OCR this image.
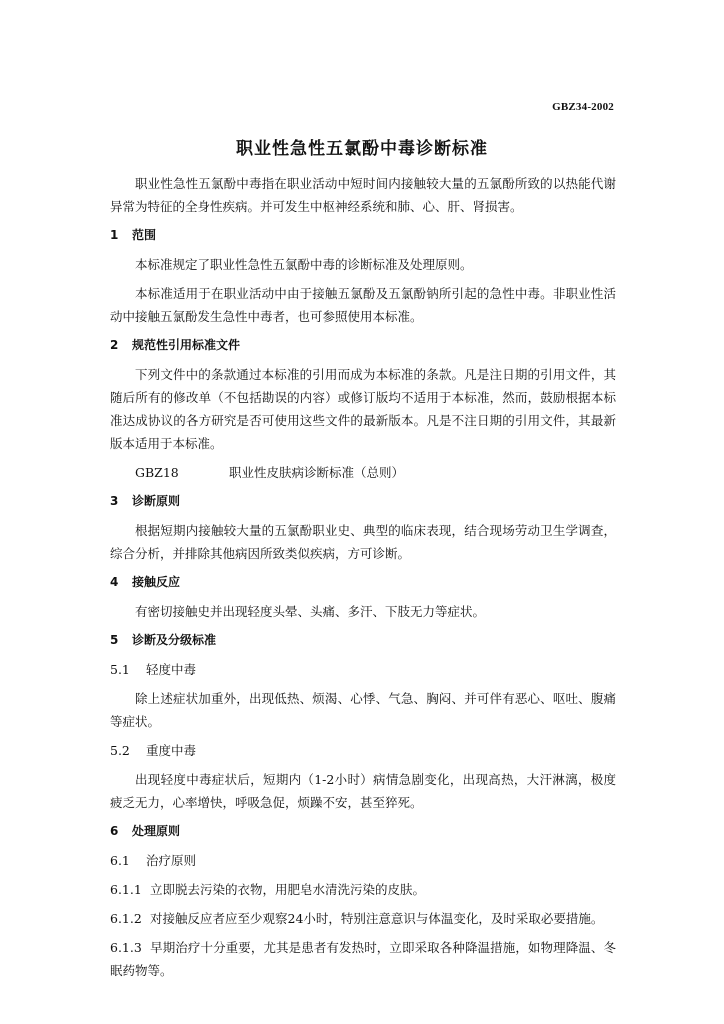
GBZ34-2002
职业性急性五氯酚中毒诊断标准

职业性急性五氯酚中毒指在职业活动中短时间内接触较大量的五氯酚所致的以热能代谢异常为特征的全身性疾病。并可发生中枢神经系统和肺、心、肝、肾损害。

1 范围

本标准规定了职业性急性五氯酚中毒的诊断标准及处理原则。

本标准适用于在职业活动中由于接触五氯酚及五氯酚钠所引起的急性中毒。非职业性活动中接触五氯酚发生急性中毒者，也可参照使用本标准。

2 规范性引用标准文件

下列文件中的条款通过本标准的引用而成为本标准的条款。凡是注日期的引用文件，其随后所有的修改单（不包括勘误的内容）或修订版均不适用于本标准，然而，鼓励根据本标准达成协议的各方研究是否可使用这些文件的最新版本。凡是不注日期的引用文件，其最新版本适用于本标准。

GBZ18	职业性皮肤病诊断标准（总则）
3 诊断原则

根据短期内接触较大量的五氯酚职业史、典型的临床表现，结合现场劳动卫生学调查，综合分析，并排除其他病因所致类似疾病，方可诊断。

4 接触反应

有密切接触史并出现轻度头晕、头痛、多汗、下肢无力等症状。

5 诊断及分级标准
5.1 轻度中毒

除上述症状加重外，出现低热、烦渴、心悸、气急、胸闷、并可伴有恶心、呕吐、腹痛等症状。

5.2 重度中毒

出现轻度中毒症状后，短期内（1-2小时）病情急剧变化，出现高热，大汗淋漓，极度疲乏无力，心率增快，呼吸急促，烦躁不安，甚至猝死。

6 处理原则
6.1 治疗原则
6.1.1 立即脱去污染的衣物，用肥皂水清洗污染的皮肤。
6.1.2 对接触反应者应至少观察24小时，特别注意意识与体温变化，及时采取必要措施。
6.1.3 早期治疗十分重要，尤其是患者有发热时，立即采取各种降温措施，如物理降温、冬眠药物等。
